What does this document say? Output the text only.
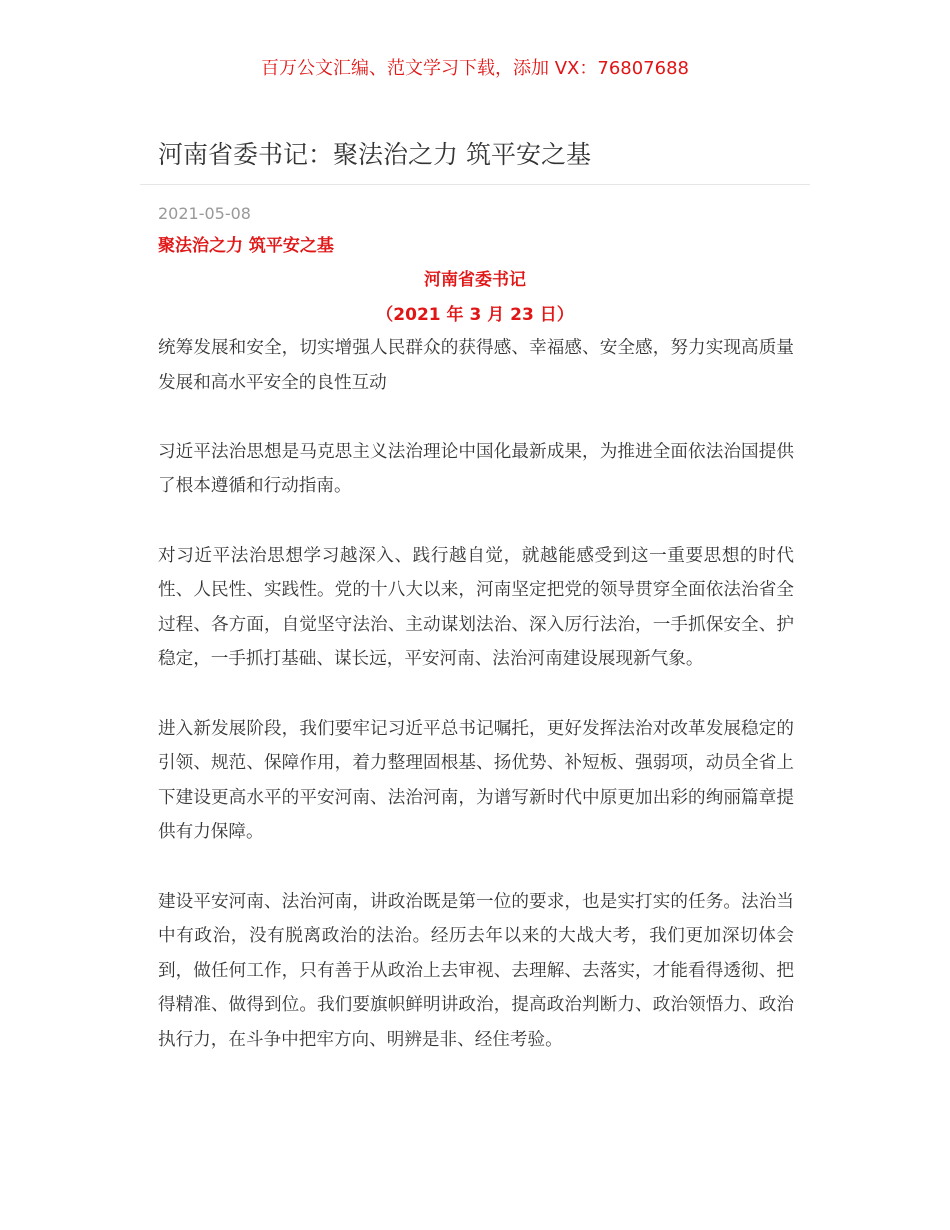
百万公文汇编、范文学习下载，添加 VX：76807688
河南省委书记：聚法治之力 筑平安之基
2021-05-08
聚法治之力 筑平安之基
河南省委书记
（2021 年 3 月 23 日）

统筹发展和安全，切实增强人民群众的获得感、幸福感、安全感，努力实现高质量发展和高水平安全的良性互动

习近平法治思想是马克思主义法治理论中国化最新成果，为推进全面依法治国提供了根本遵循和行动指南。

对习近平法治思想学习越深入、践行越自觉，就越能感受到这一重要思想的时代性、人民性、实践性。党的十八大以来，河南坚定把党的领导贯穿全面依法治省全过程、各方面，自觉坚守法治、主动谋划法治、深入厉行法治，一手抓保安全、护稳定，一手抓打基础、谋长远，平安河南、法治河南建设展现新气象。

进入新发展阶段，我们要牢记习近平总书记嘱托，更好发挥法治对改革发展稳定的引领、规范、保障作用，着力整理固根基、扬优势、补短板、强弱项，动员全省上下建设更高水平的平安河南、法治河南，为谱写新时代中原更加出彩的绚丽篇章提供有力保障。

建设平安河南、法治河南，讲政治既是第一位的要求，也是实打实的任务。法治当中有政治，没有脱离政治的法治。经历去年以来的大战大考，我们更加深切体会到，做任何工作，只有善于从政治上去审视、去理解、去落实，才能看得透彻、把得精准、做得到位。我们要旗帜鲜明讲政治，提高政治判断力、政治领悟力、政治执行力，在斗争中把牢方向、明辨是非、经住考验。
